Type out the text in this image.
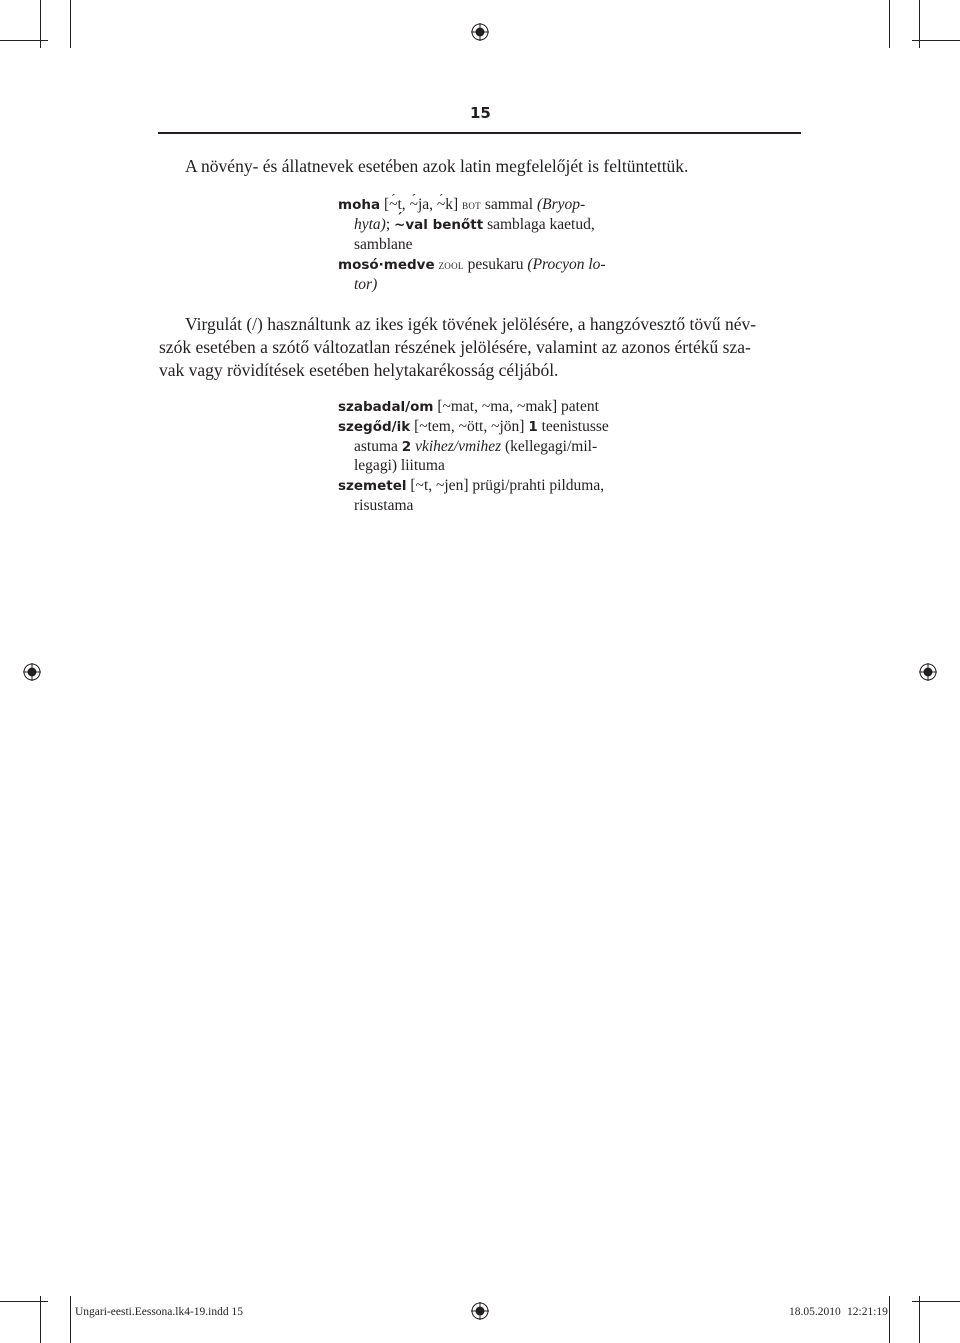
15
A növény- és állatnevek esetében azok latin megfelelőjét is feltüntettük.
moha [´ ~t, ´ ~ja, ´ ~k] bot sammal (Bryop-
hyta); ´ ~val benőtt samblaga kaetud,
samblane
mosó·medve zool pesukaru (Procyon lo-
tor)
Virgulát (/) használtunk az ikes igék tövének jelölésére, a hangzóvesztő tövű név-
szók esetében a szótő változatlan részének jelölésére, valamint az azonos értékű sza-
vak vagy rövidítések esetében helytakarékosság céljából.
szabadal/om [~mat, ~ma, ~mak] patent
szegőd/ik [~tem, ~ött, ~jön] 1 teenistusse
astuma 2 vkihez/vmihez (kellegagi/mil-
legagi) liituma
szemetel [~t, ~jen] prügi/prahti pilduma,
risustama
Ungari-eesti.Eessona.lk4-19.indd 15	18.05.2010 12:21:19
